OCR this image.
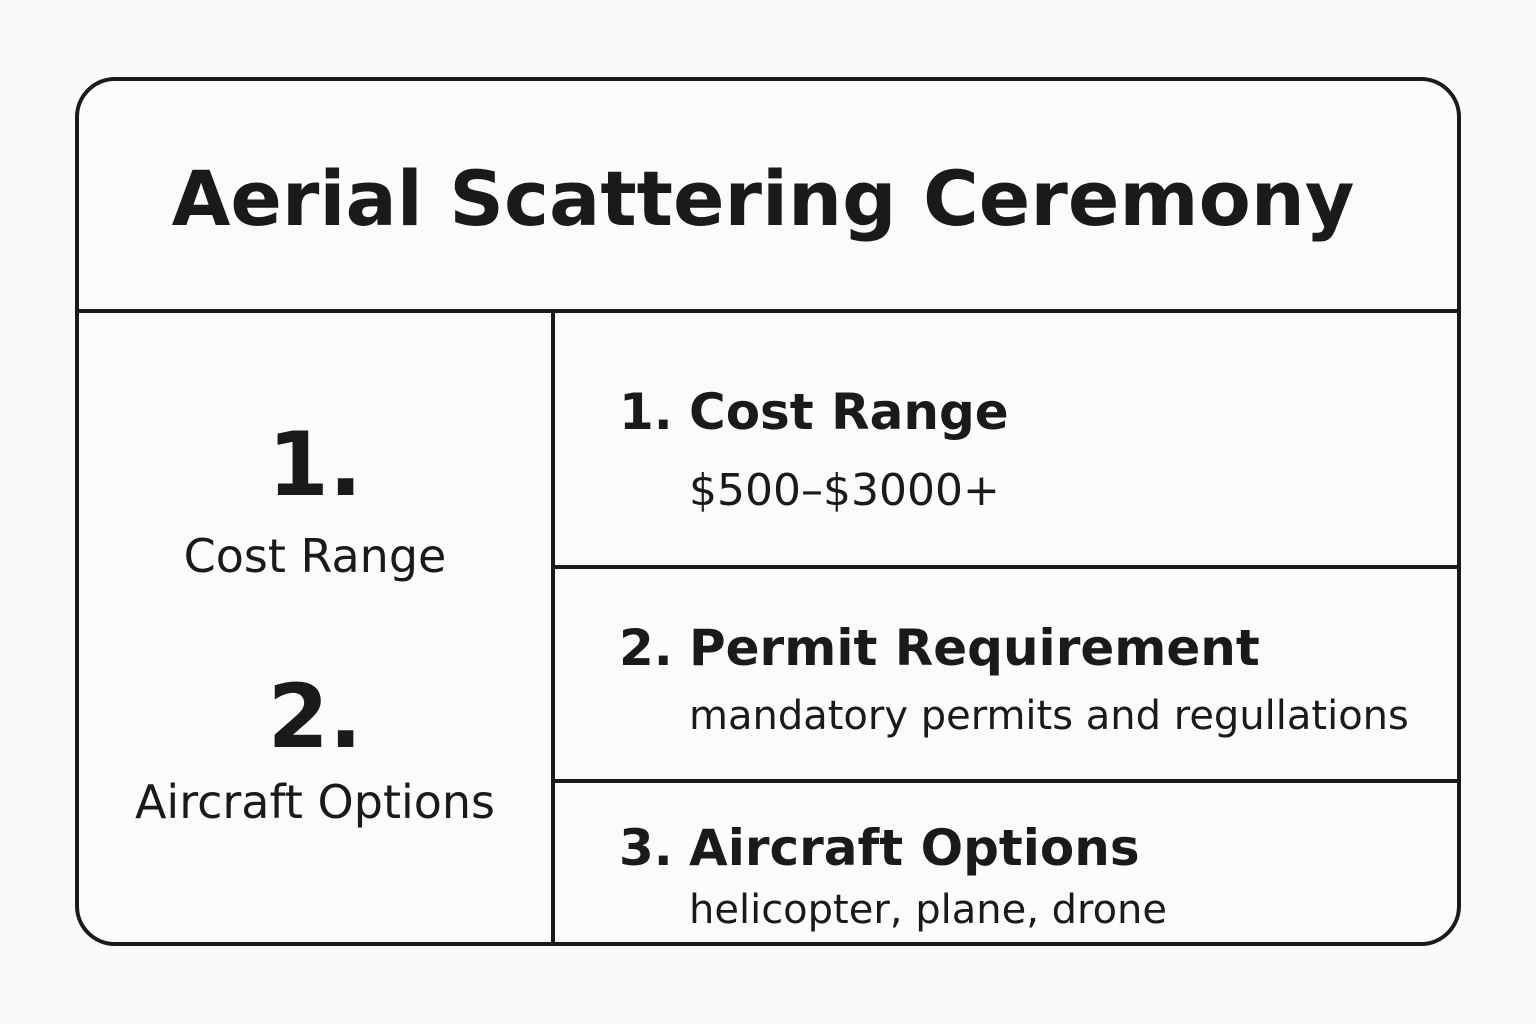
Aerial Scattering Ceremony
1.
Cost Range
2.
Aircraft Options
1. Cost Range
$500–$3000+
2. Permit Requirement
mandatory permits and regullations
3. Aircraft Options
helicopter, plane, drone
